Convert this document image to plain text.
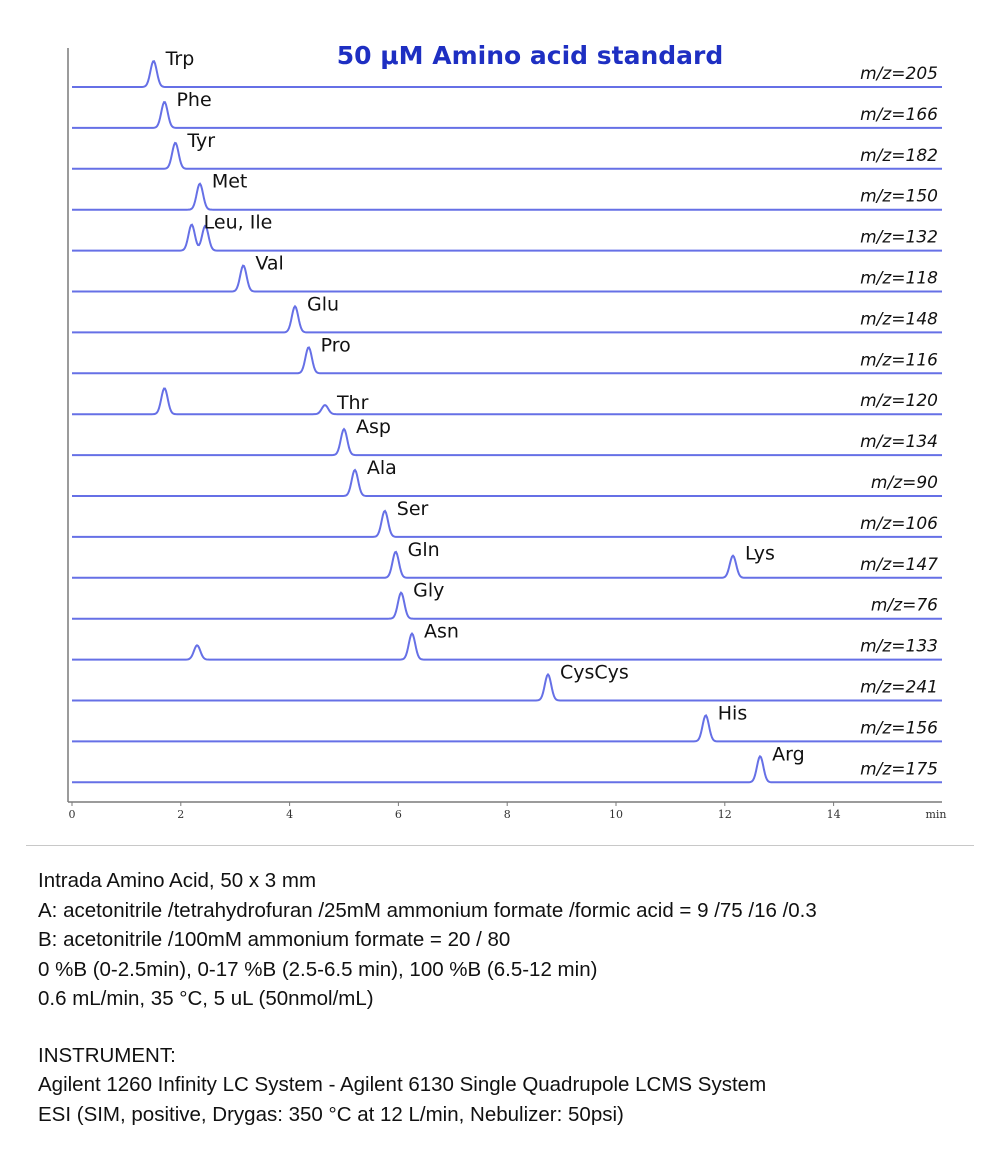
50 μM Amino acid standard
0	2	4	6	8	10	12	14	min
Trp
m/z=205
Phe
m/z=166
Tyr
m/z=182
Met
m/z=150
Leu, Ile
m/z=132
Val
m/z=118
Glu
m/z=148
Pro
m/z=116
Thr	m/z=120
Asp
m/z=134
Ala
m/z=90
Ser
m/z=106
Gln	Lys
m/z=147
Gly
m/z=76
Asn
m/z=133
CysCys
m/z=241
His
m/z=156
Arg
m/z=175
Intrada Amino Acid, 50 x 3 mm
A: acetonitrile /tetrahydrofuran /25mM ammonium formate /formic acid = 9 /75 /16 /0.3
B: acetonitrile /100mM ammonium formate = 20 / 80
0 %B (0-2.5min), 0-17 %B (2.5-6.5 min), 100 %B (6.5-12 min)
0.6 mL/min, 35 °C, 5 uL (50nmol/mL)
INSTRUMENT:
Agilent 1260 Infinity LC System - Agilent 6130 Single Quadrupole LCMS System
ESI (SIM, positive, Drygas: 350 °C at 12 L/min, Nebulizer: 50psi)
